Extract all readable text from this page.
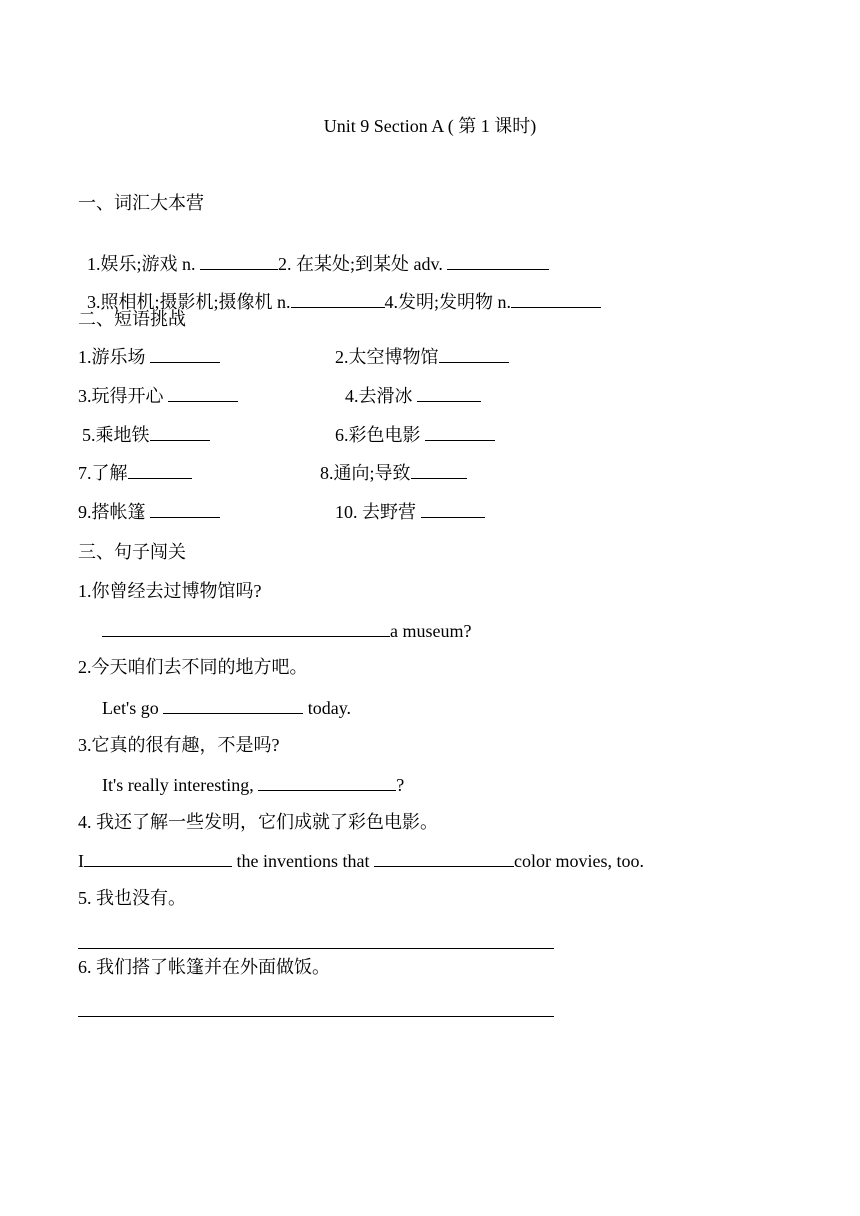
Unit 9 Section A ( 第 1 课时)
一、词汇大本营

1.娱乐;游戏 n.	2. 在某处;到某处 adv.

3.照相机;摄影机;摄像机 n.	4.发明;发明物 n.

二、短语挑战
1.游乐场	2.太空博物馆
3.玩得开心	4.去滑冰
5.乘地铁	6.彩色电影
7.了解	8.通向;导致
9.搭帐篷	10. 去野营
三、句子闯关
1.你曾经去过博物馆吗?
a museum?
2.今天咱们去不同的地方吧。
Let's go	today.
3.它真的很有趣，不是吗?
It's really interesting,	?
4. 我还了解一些发明，它们成就了彩色电影。
I	the inventions that	color movies, too.
5. 我也没有。
6. 我们搭了帐篷并在外面做饭。
